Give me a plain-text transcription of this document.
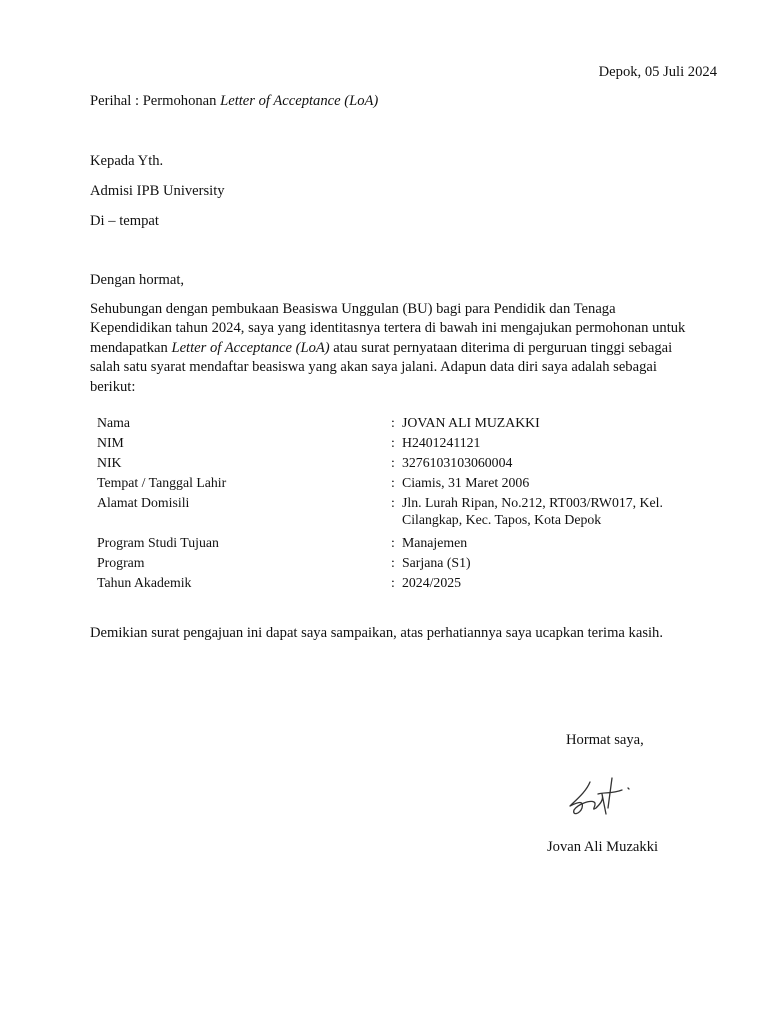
Depok, 05 Juli 2024
Perihal : Permohonan Letter of Acceptance (LoA)
Kepada Yth.
Admisi IPB University
Di – tempat
Dengan hormat,
Sehubungan dengan pembukaan Beasiswa Unggulan (BU) bagi para Pendidik dan Tenaga Kependidikan tahun 2024, saya yang identitasnya tertera di bawah ini mengajukan permohonan untuk mendapatkan Letter of Acceptance (LoA) atau surat pernyataan diterima di perguruan tinggi sebagai salah satu syarat mendaftar beasiswa yang akan saya jalani. Adapun data diri saya adalah sebagai berikut:
Nama	: JOVAN ALI MUZAKKI
NIM	: H2401241121
NIK	: 3276103103060004
Tempat / Tanggal Lahir	: Ciamis, 31 Maret 2006
Alamat Domisili	: Jln. Lurah Ripan, No.212, RT003/RW017, Kel. Cilangkap, Kec. Tapos, Kota Depok
Program Studi Tujuan	: Manajemen
Program	: Sarjana (S1)
Tahun Akademik	: 2024/2025
Demikian surat pengajuan ini dapat saya sampaikan, atas perhatiannya saya ucapkan terima kasih.
Hormat saya,
Jovan Ali Muzakki
